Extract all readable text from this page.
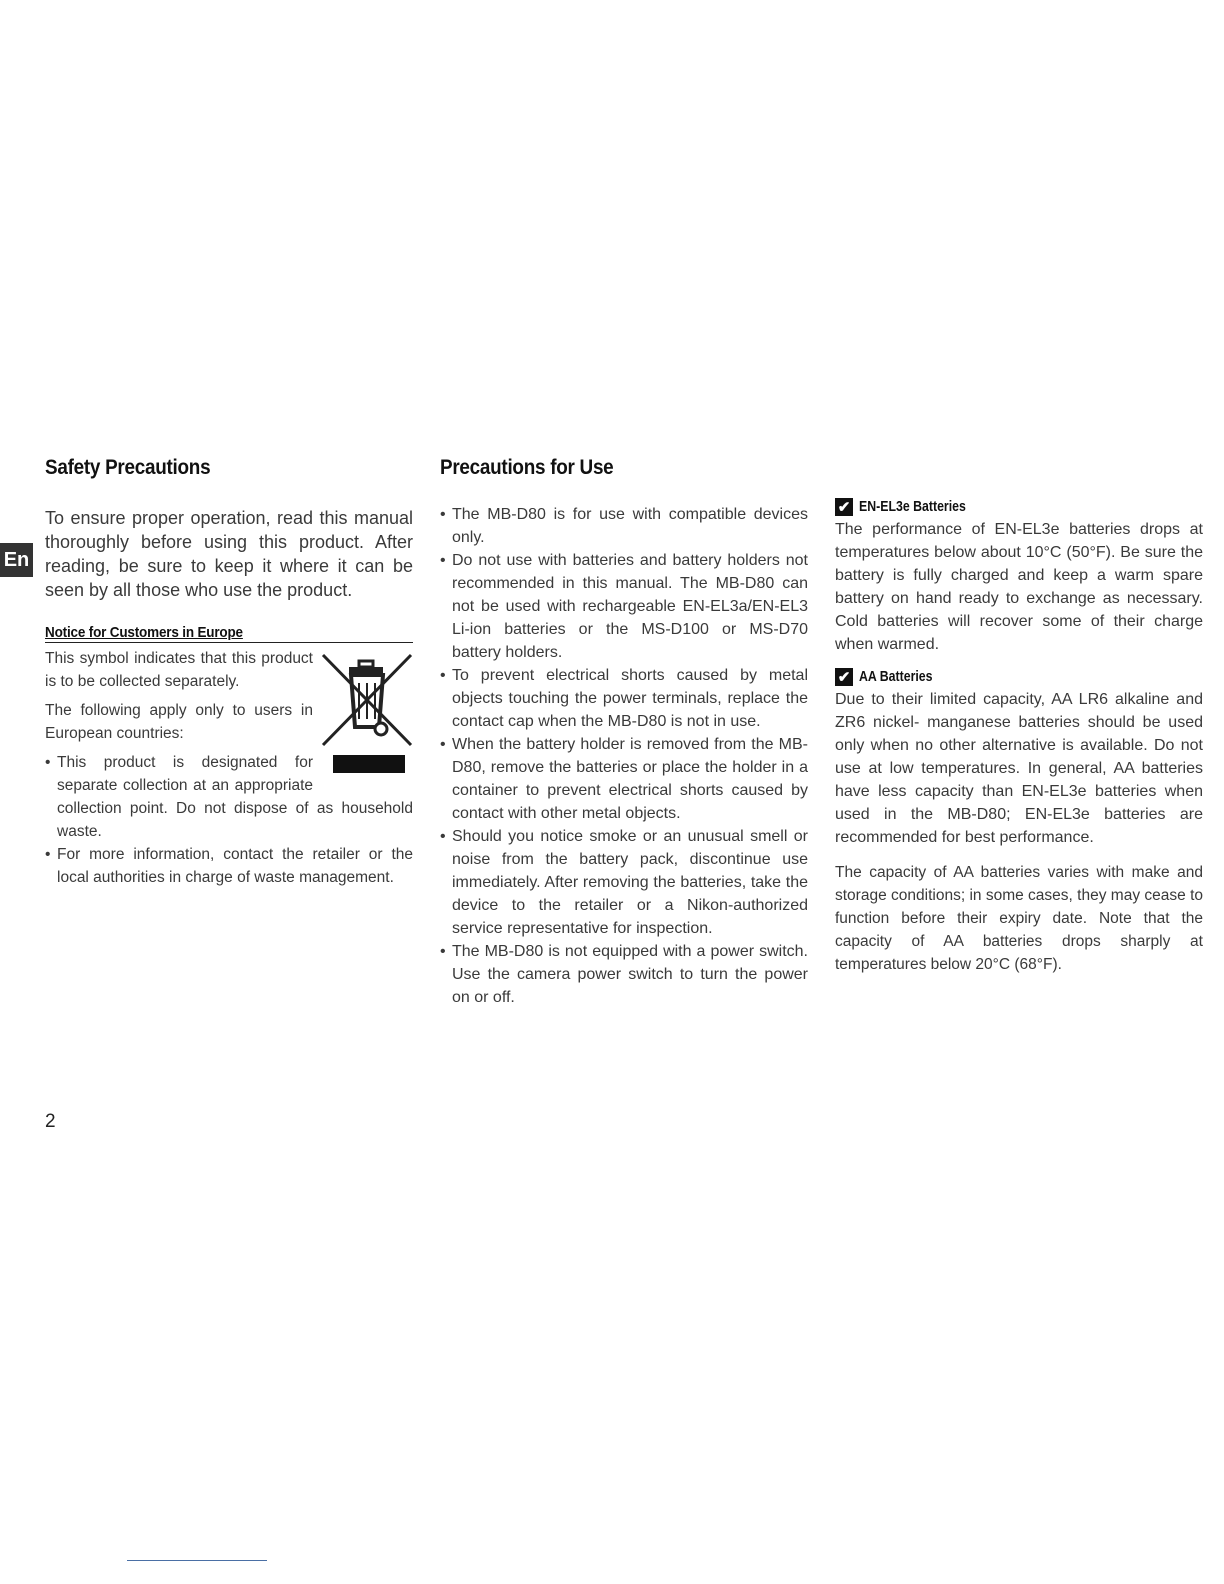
En
Safety Precautions

To ensure proper operation, read this manual thoroughly before using this product. After reading, be sure to keep it where it can be seen by all those who use the product.

Notice for Customers in Europe

This symbol indicates that this product is to be collected separately.

The following apply only to users in European countries:

• This product is designated for separate collection at an appropriate collection point. Do not dispose of as household waste.
• For more information, contact the retailer or the local authorities in charge of waste management.
Precautions for Use
• The MB-D80 is for use with compatible devices only.
• Do not use with batteries and battery holders not recommended in this manual. The MB-D80 can not be used with rechargeable EN-EL3a/EN-EL3 Li-ion batteries or the MS-D100 or MS-D70 battery holders.
• To prevent electrical shorts caused by metal objects touching the power terminals, replace the contact cap when the MB-D80 is not in use.
• When the battery holder is removed from the MB-D80, remove the batteries or place the holder in a container to prevent electrical shorts caused by contact with other metal objects.
• Should you notice smoke or an unusual smell or noise from the battery pack, discontinue use immediately. After removing the batteries, take the device to the retailer or a Nikon-authorized service representative for inspection.
• The MB-D80 is not equipped with a power switch. Use the camera power switch to turn the power on or off.
✔ EN-EL3e Batteries

The performance of EN-EL3e batteries drops at temperatures below about 10°C (50°F). Be sure the battery is fully charged and keep a warm spare battery on hand ready to exchange as necessary. Cold batteries will recover some of their charge when warmed.

✔ AA Batteries

Due to their limited capacity, AA LR6 alkaline and ZR6 nickel- manganese batteries should be used only when no other alternative is available. Do not use at low temperatures. In general, AA batteries have less capacity than EN-EL3e batteries when used in the MB-D80; EN-EL3e batteries are recommended for best performance.

The capacity of AA batteries varies with make and storage conditions; in some cases, they may cease to function before their expiry date. Note that the capacity of AA batteries drops sharply at temperatures below 20°C (68°F).

2
